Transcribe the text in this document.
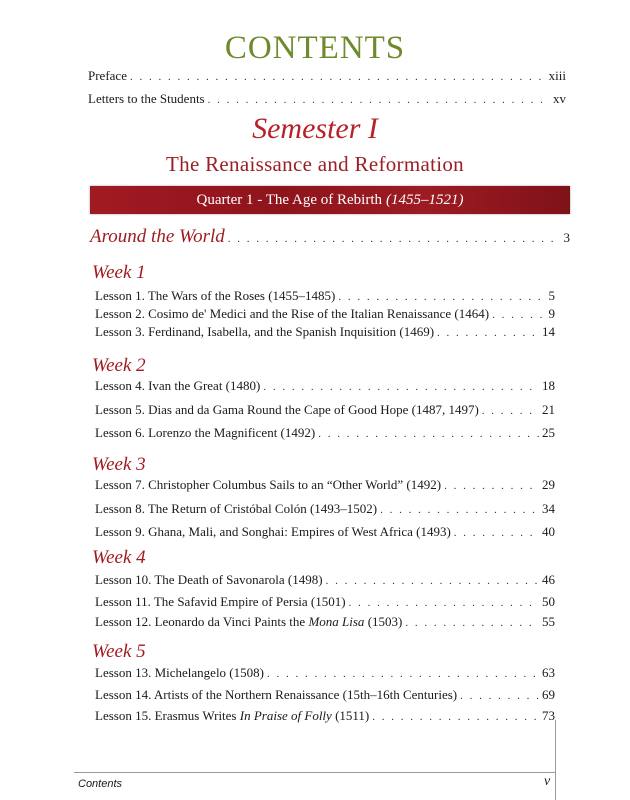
CONTENTS
Preface . . .	xiii
Letters to the Students . . .	xv
Semester I
The Renaissance and Reformation
Quarter 1 - The Age of Rebirth (1455–1521)
Around the World . . .	3
Week 1
Lesson 1. The Wars of the Roses (1455–1485) . . .	5
Lesson 2. Cosimo de' Medici and the Rise of the Italian Renaissance (1464) . . .	9
Lesson 3. Ferdinand, Isabella, and the Spanish Inquisition (1469) . . .	14
Week 2
Lesson 4. Ivan the Great (1480) . . .	18
Lesson 5. Dias and da Gama Round the Cape of Good Hope (1487, 1497) . . .	21
Lesson 6. Lorenzo the Magnificent (1492) . . .	25
Week 3
Lesson 7. Christopher Columbus Sails to an “Other World” (1492) . . .	29
Lesson 8. The Return of Cristóbal Colón (1493–1502) . . .	34
Lesson 9. Ghana, Mali, and Songhai: Empires of West Africa (1493) . . .	40
Week 4
Lesson 10. The Death of Savonarola (1498) . . .	46
Lesson 11. The Safavid Empire of Persia (1501) . . .	50
Lesson 12. Leonardo da Vinci Paints the Mona Lisa (1503) . . .	55
Week 5
Lesson 13. Michelangelo (1508) . . .	63
Lesson 14. Artists of the Northern Renaissance (15th–16th Centuries) . . .	69
Lesson 15. Erasmus Writes In Praise of Folly (1511) . . .	73
Contents	v
